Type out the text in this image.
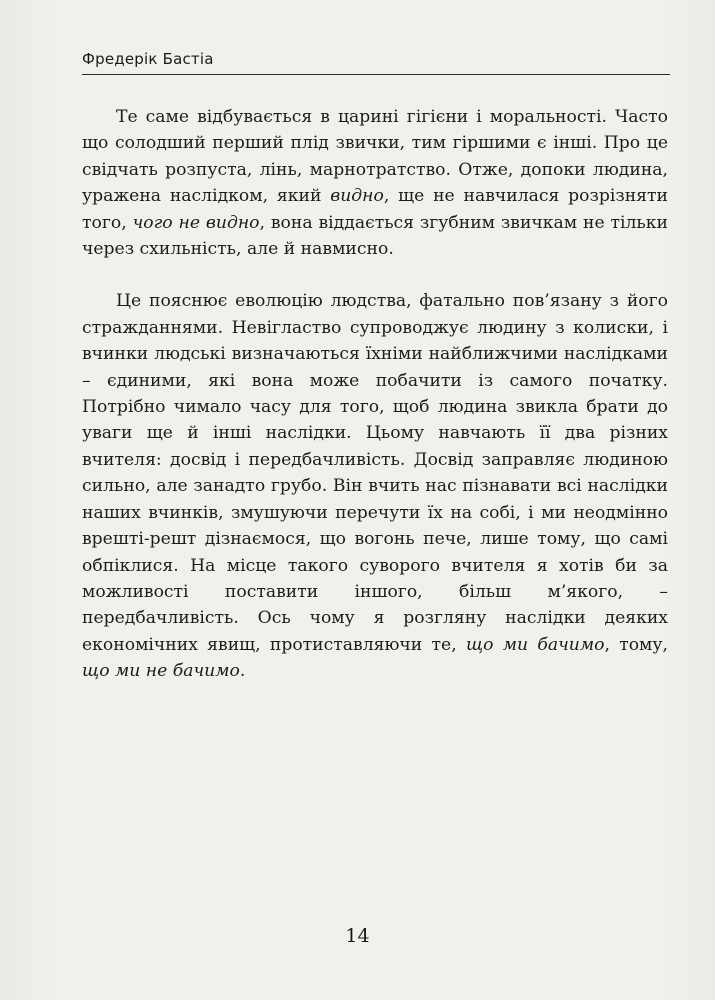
Фредерік Бастіа

Те саме відбувається в царині гігієни і моральності. Часто що солодший перший плід звички, тим гіршими є інші. Про це свідчать розпуста, лінь, марнотратство. Отже, допоки людина, уражена наслідком, який видно, ще не навчилася розрізняти того, чого не видно, вона віддається згубним звичкам не тільки через схильність, але й навмисно.

Це пояснює еволюцію людства, фатально пов’язану з його стражданнями. Невігластво супроводжує людину з колиски, і вчинки людські визначаються їхніми найближчими наслідками – єдиними, які вона може побачити із самого початку. Потрібно чимало часу для того, щоб людина звикла брати до уваги ще й інші наслідки. Цьому навчають її два різних вчителя: досвід і передбачливість. Досвід заправляє людиною сильно, але занадто грубо. Він вчить нас пізнавати всі наслідки наших вчинків, змушуючи перечути їх на собі, і ми неодмінно врешті-решт дізнаємося, що вогонь пече, лише тому, що самі обпіклися. На місце такого суворого вчителя я хотів би за можливості поставити іншого, більш м’якого, – передбачливість. Ось чому я розгляну наслідки деяких економічних явищ, протиставляючи те, що ми бачимо, тому, що ми не бачимо.

14
